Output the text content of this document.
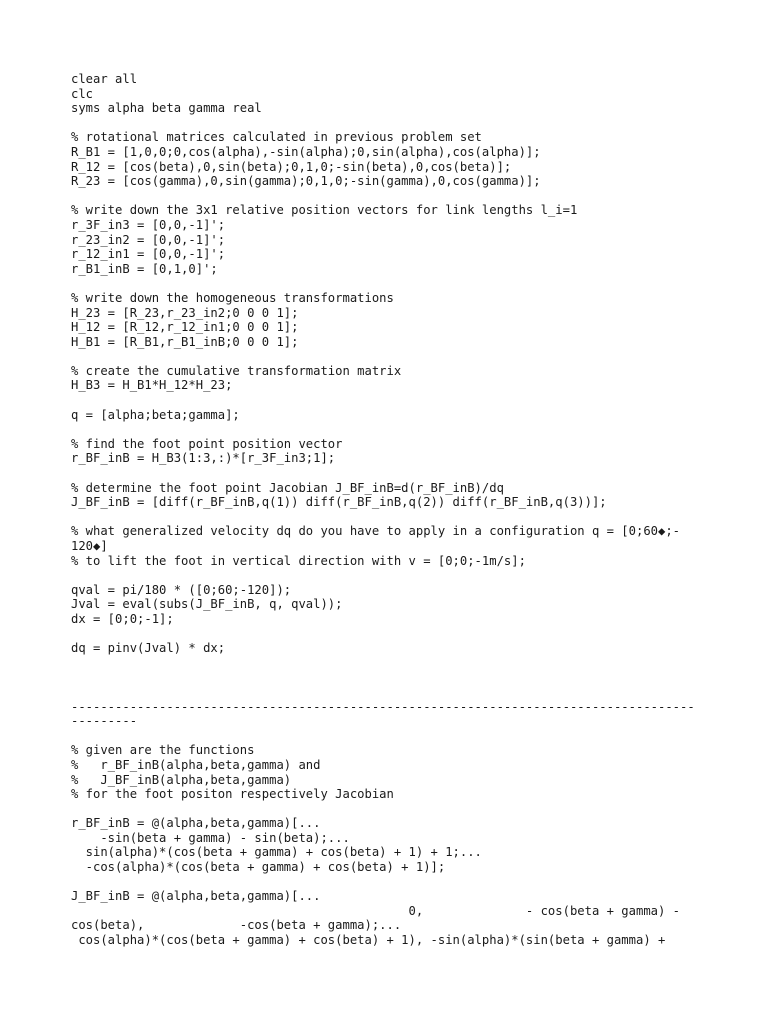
clear all
clc
syms alpha beta gamma real
% rotational matrices calculated in previous problem set
R_B1 = [1,0,0;0,cos(alpha),-sin(alpha);0,sin(alpha),cos(alpha)];
R_12 = [cos(beta),0,sin(beta);0,1,0;-sin(beta),0,cos(beta)];
R_23 = [cos(gamma),0,sin(gamma);0,1,0;-sin(gamma),0,cos(gamma)];
% write down the 3x1 relative position vectors for link lengths l_i=1
r_3F_in3 = [0,0,-1]';
r_23_in2 = [0,0,-1]';
r_12_in1 = [0,0,-1]';
r_B1_inB = [0,1,0]';
% write down the homogeneous transformations
H_23 = [R_23,r_23_in2;0 0 0 1];
H_12 = [R_12,r_12_in1;0 0 0 1];
H_B1 = [R_B1,r_B1_inB;0 0 0 1];
% create the cumulative transformation matrix
H_B3 = H_B1*H_12*H_23;
q = [alpha;beta;gamma];
% find the foot point position vector
r_BF_inB = H_B3(1:3,:)*[r_3F_in3;1];
% determine the foot point Jacobian J_BF_inB=d(r_BF_inB)/dq
J_BF_inB = [diff(r_BF_inB,q(1)) diff(r_BF_inB,q(2)) diff(r_BF_inB,q(3))];
% what generalized velocity dq do you have to apply in a configuration q = [0;60◆;-
120◆]
% to lift the foot in vertical direction with v = [0;0;-1m/s];
qval = pi/180 * ([0;60;-120]);
Jval = eval(subs(J_BF_inB, q, qval));
dx = [0;0;-1];
dq = pinv(Jval) * dx;
-------------------------------------------------------------------------------------
---------
% given are the functions
%   r_BF_inB(alpha,beta,gamma) and
%   J_BF_inB(alpha,beta,gamma)
% for the foot positon respectively Jacobian
r_BF_inB = @(alpha,beta,gamma)[...
-sin(beta + gamma) - sin(beta);...
sin(alpha)*(cos(beta + gamma) + cos(beta) + 1) + 1;...
-cos(alpha)*(cos(beta + gamma) + cos(beta) + 1)];
J_BF_inB = @(alpha,beta,gamma)[...
0,              - cos(beta + gamma) -
cos(beta),             -cos(beta + gamma);...
cos(alpha)*(cos(beta + gamma) + cos(beta) + 1), -sin(alpha)*(sin(beta + gamma) +
